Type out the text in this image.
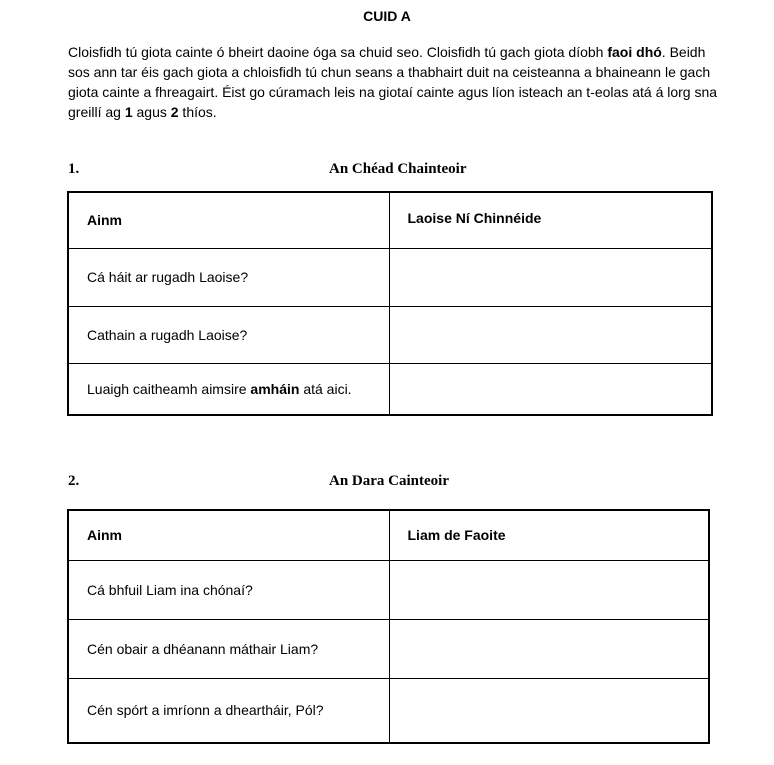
CUID A
Cloisfidh tú giota cainte ó bheirt daoine óga sa chuid seo. Cloisfidh tú gach giota díobh faoi dhó. Beidh sos ann tar éis gach giota a chloisfidh tú chun seans a thabhairt duit na ceisteanna a bhaineann le gach giota cainte a fhreagairt. Éist go cúramach leis na giotaí cainte agus líon isteach an t-eolas atá á lorg sna greillí ag 1 agus 2 thíos.
1.	An Chéad Chainteoir
Ainm	Laoise Ní Chinnéide
Cá háit ar rugadh Laoise?	
Cathain a rugadh Laoise?	
Luaigh caitheamh aimsire amháin atá aici.	
2.	An Dara Cainteoir
Ainm	Liam de Faoite
Cá bhfuil Liam ina chónaí?	
Cén obair a dhéanann máthair Liam?	
Cén spórt a imríonn a dheartháir, Pól?	
